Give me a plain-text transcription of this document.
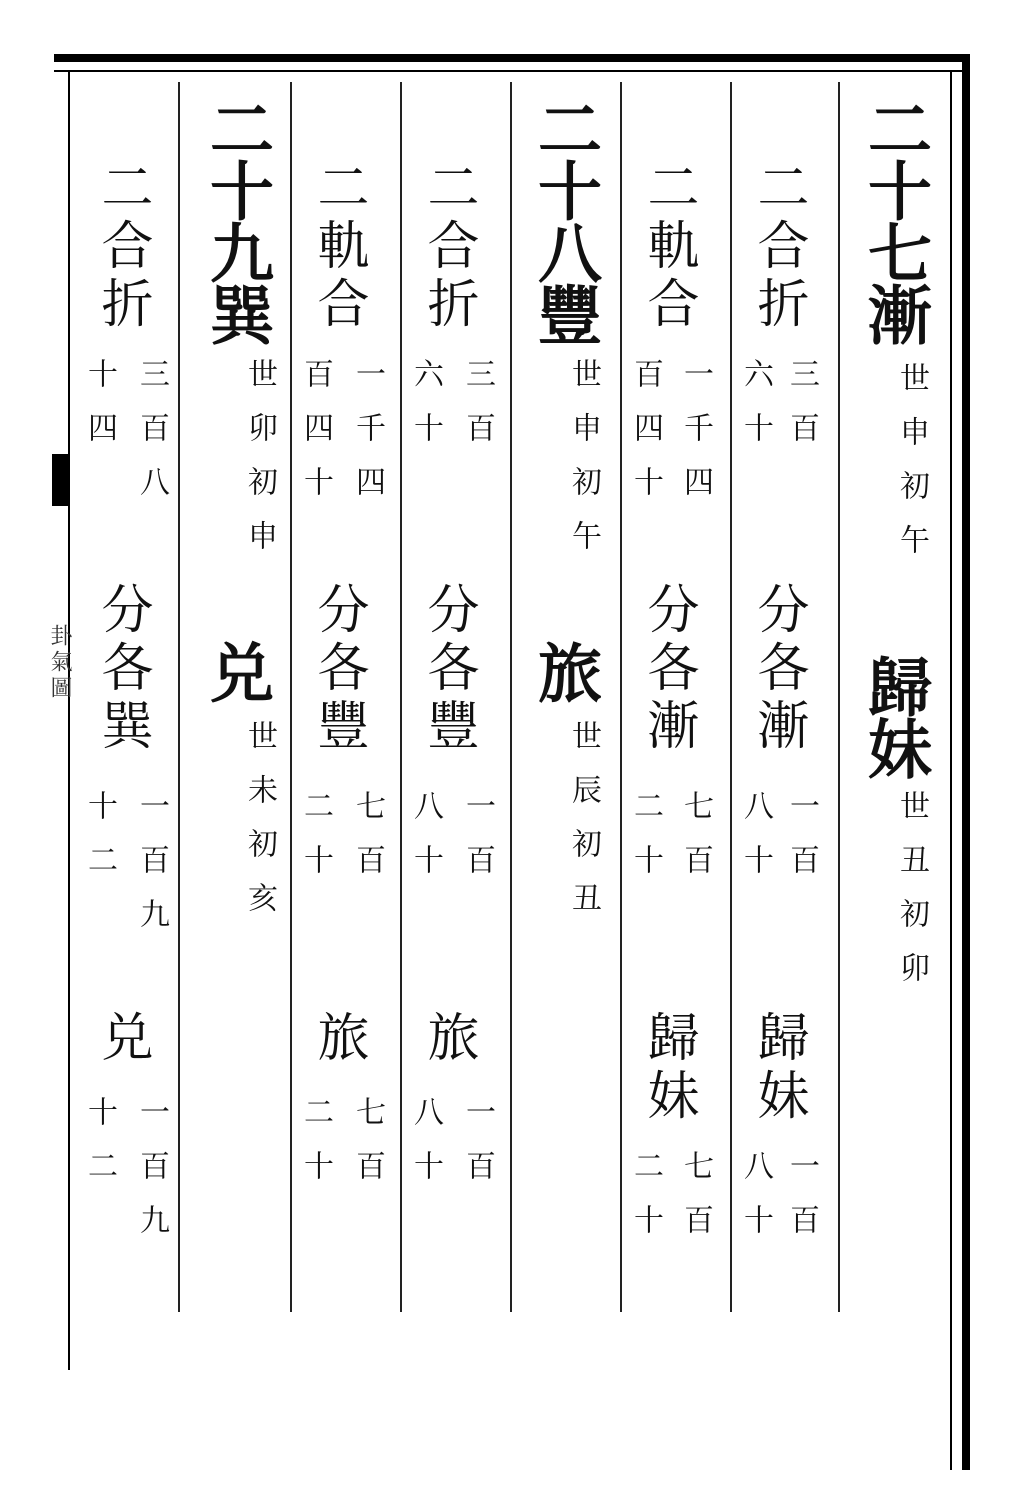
卦氣圖
二十七漸
世申初午
歸妹
世丑初卯
二合折
三百
六十
分各漸
一百
八十
歸妹
一百
八十
二軌合
一千四
百四十
分各漸
七百
二十
歸妹
七百
二十
二十八豐
世申初午
旅
世辰初丑
二合折
三百
六十
分各豐
一百
八十
旅
一百
八十
二軌合
一千四
百四十
分各豐
七百
二十
旅
七百
二十
二十九巽
世卯初申
兑
世未初亥
二合折
三百八
十四
分各巽
一百九
十二
兑
一百九
十二
